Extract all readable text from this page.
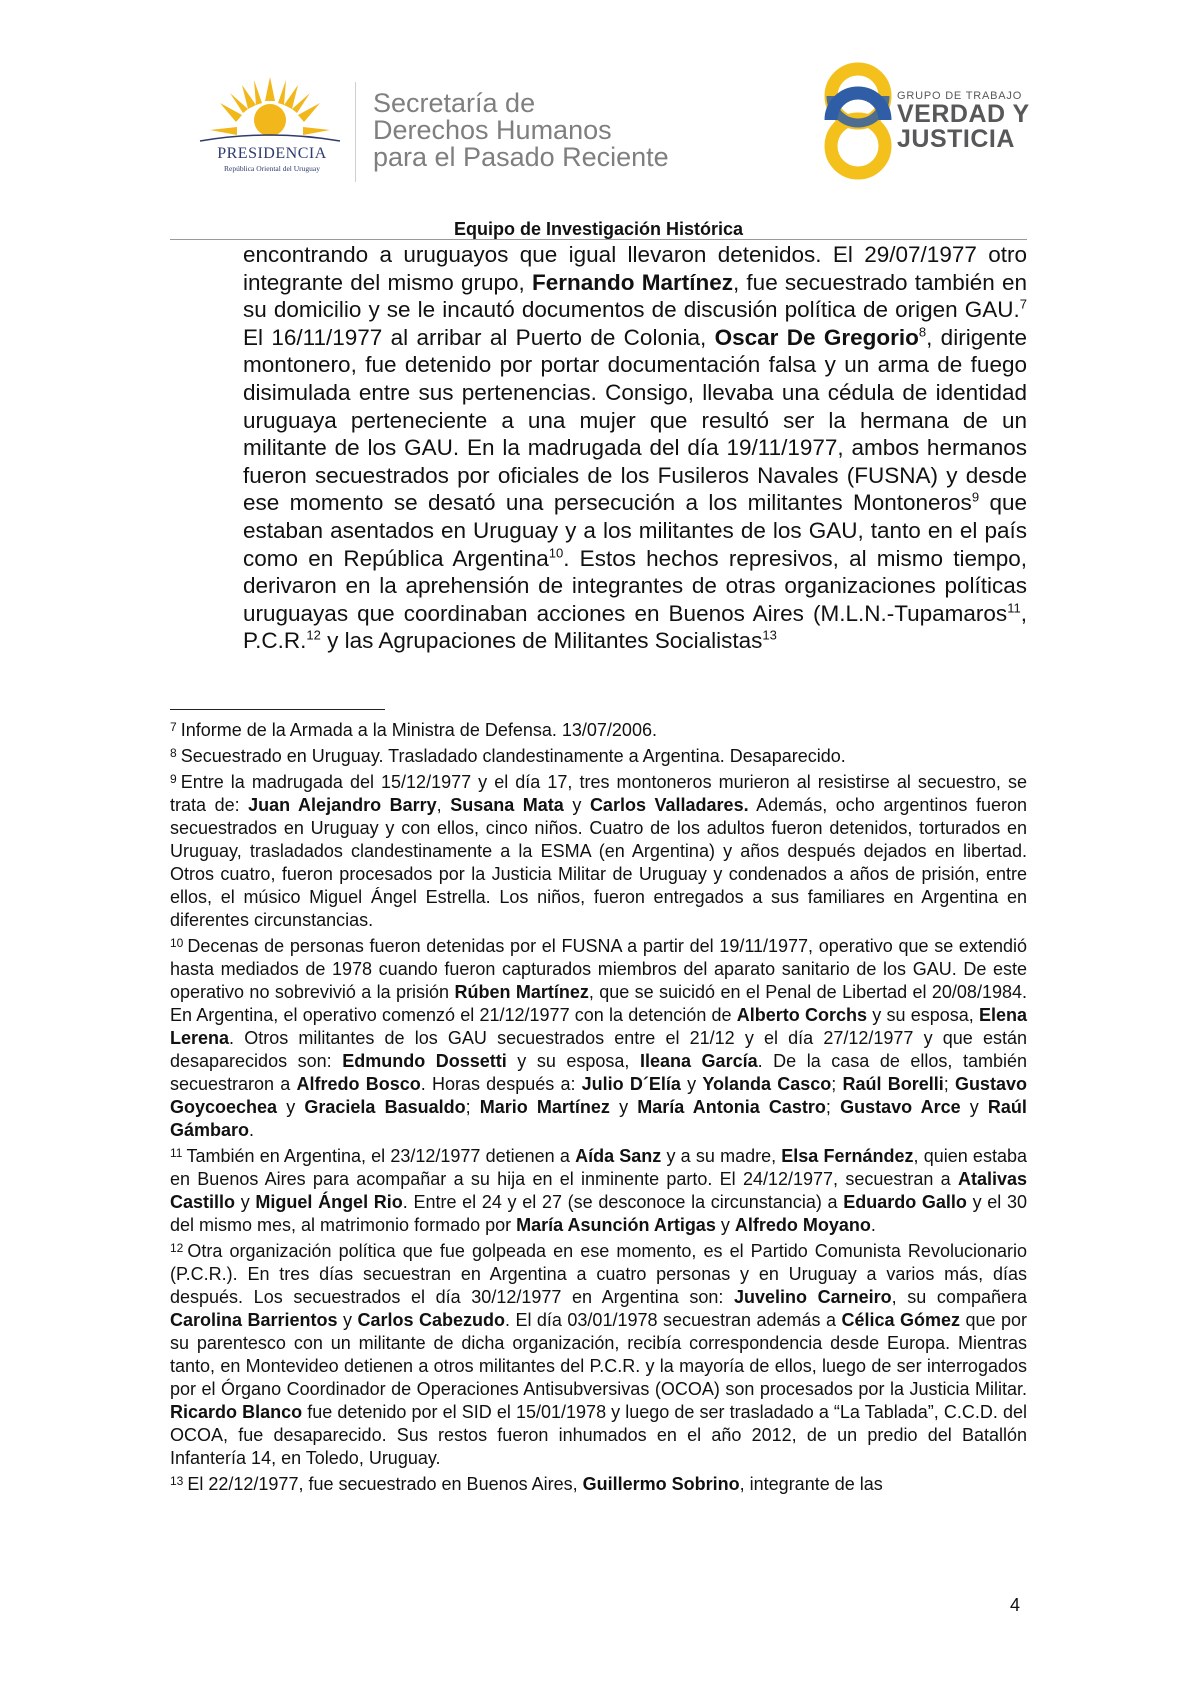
PRESIDENCIA
República Oriental del Uruguay
Secretaría de
Derechos Humanos
para el Pasado Reciente
GRUPO DE TRABAJO
VERDAD Y
JUSTICIA
Equipo de Investigación Histórica
encontrando a uruguayos que igual llevaron detenidos. El 29/07/1977 otro integrante del mismo grupo, Fernando Martínez, fue secuestrado también en su domicilio y se le incautó documentos de discusión política de origen GAU.$^7$ El 16/11/1977 al arribar al Puerto de Colonia, Oscar De Gregorio$^8$, dirigente montonero, fue detenido por portar documentación falsa y un arma de fuego disimulada entre sus pertenencias. Consigo, llevaba una cédula de identidad uruguaya perteneciente a una mujer que resultó ser la hermana de un militante de los GAU. En la madrugada del día 19/11/1977, ambos hermanos fueron secuestrados por oficiales de los Fusileros Navales (FUSNA) y desde ese momento se desató una persecución a los militantes Montoneros$^9$ que estaban asentados en Uruguay y a los militantes de los GAU, tanto en el país como en República Argentina$^{10}$. Estos hechos represivos, al mismo tiempo, derivaron en la aprehensión de integrantes de otras organizaciones políticas uruguayas que coordinaban acciones en Buenos Aires (M.L.N.-Tupamaros$^{11}$, P.C.R.$^{12}$ y las Agrupaciones de Militantes Socialistas$^{13}$

$^7$ Informe de la Armada a la Ministra de Defensa. 13/07/2006.

$^8$ Secuestrado en Uruguay. Trasladado clandestinamente a Argentina. Desaparecido.

$^9$ Entre la madrugada del 15/12/1977 y el día 17, tres montoneros murieron al resistirse al secuestro, se trata de: Juan Alejandro Barry, Susana Mata y Carlos Valladares. Además, ocho argentinos fueron secuestrados en Uruguay y con ellos, cinco niños. Cuatro de los adultos fueron detenidos, torturados en Uruguay, trasladados clandestinamente a la ESMA (en Argentina) y años después dejados en libertad. Otros cuatro, fueron procesados por la Justicia Militar de Uruguay y condenados a años de prisión, entre ellos, el músico Miguel Ángel Estrella. Los niños, fueron entregados a sus familiares en Argentina en diferentes circunstancias.

$^{10}$ Decenas de personas fueron detenidas por el FUSNA a partir del 19/11/1977, operativo que se extendió hasta mediados de 1978 cuando fueron capturados miembros del aparato sanitario de los GAU. De este operativo no sobrevivió a la prisión Rúben Martínez, que se suicidó en el Penal de Libertad el 20/08/1984. En Argentina, el operativo comenzó el 21/12/1977 con la detención de Alberto Corchs y su esposa, Elena Lerena. Otros militantes de los GAU secuestrados entre el 21/12 y el día 27/12/1977 y que están desaparecidos son: Edmundo Dossetti y su esposa, Ileana García. De la casa de ellos, también secuestraron a Alfredo Bosco. Horas después a: Julio D´Elía y Yolanda Casco; Raúl Borelli; Gustavo Goycoechea y Graciela Basualdo; Mario Martínez y María Antonia Castro; Gustavo Arce y Raúl Gámbaro.

$^{11}$ También en Argentina, el 23/12/1977 detienen a Aída Sanz y a su madre, Elsa Fernández, quien estaba en Buenos Aires para acompañar a su hija en el inminente parto. El 24/12/1977, secuestran a Atalivas Castillo y Miguel Ángel Rio. Entre el 24 y el 27 (se desconoce la circunstancia) a Eduardo Gallo y el 30 del mismo mes, al matrimonio formado por María Asunción Artigas y Alfredo Moyano.

$^{12}$ Otra organización política que fue golpeada en ese momento, es el Partido Comunista Revolucionario (P.C.R.). En tres días secuestran en Argentina a cuatro personas y en Uruguay a varios más, días después. Los secuestrados el día 30/12/1977 en Argentina son: Juvelino Carneiro, su compañera Carolina Barrientos y Carlos Cabezudo. El día 03/01/1978 secuestran además a Célica Gómez que por su parentesco con un militante de dicha organización, recibía correspondencia desde Europa. Mientras tanto, en Montevideo detienen a otros militantes del P.C.R. y la mayoría de ellos, luego de ser interrogados por el Órgano Coordinador de Operaciones Antisubversivas (OCOA) son procesados por la Justicia Militar. Ricardo Blanco fue detenido por el SID el 15/01/1978 y luego de ser trasladado a “La Tablada”, C.C.D. del OCOA, fue desaparecido. Sus restos fueron inhumados en el año 2012, de un predio del Batallón Infantería 14, en Toledo, Uruguay.

$^{13}$ El 22/12/1977, fue secuestrado en Buenos Aires, Guillermo Sobrino, integrante de las

4
